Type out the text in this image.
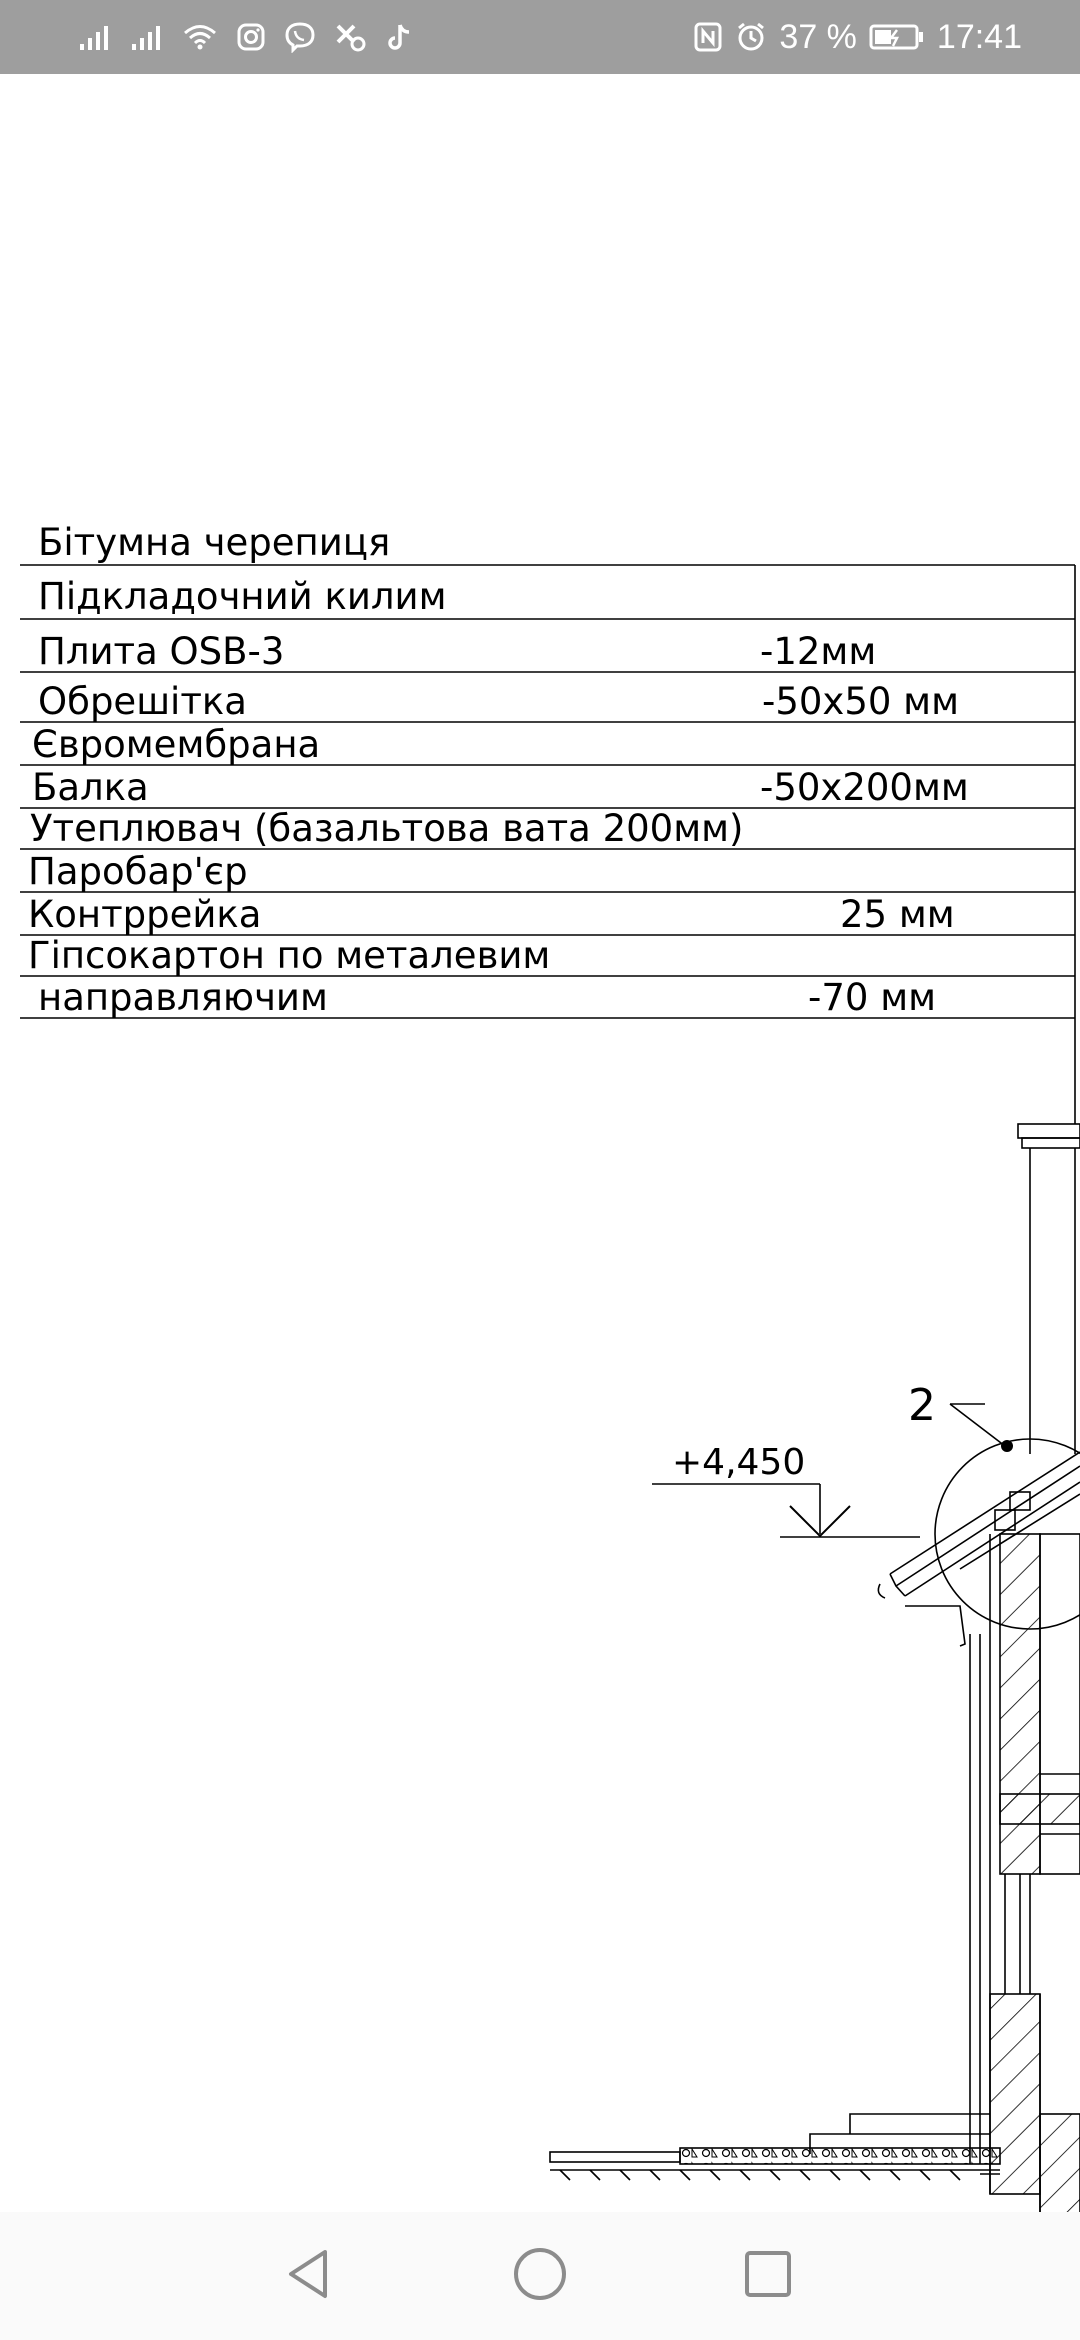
37 % 17:41
Бітумна черепиця
Підкладочний килим
Плита OSB-3	-12мм
Обрешітка	-50х50 мм
Євромембрана
Балка	-50х200мм
Утеплювач (базальтова вата 200мм)
Паробар'єр
Контррейка	25 мм
Гіпсокартон по металевим
направляючим	-70 мм
2
+4,450
